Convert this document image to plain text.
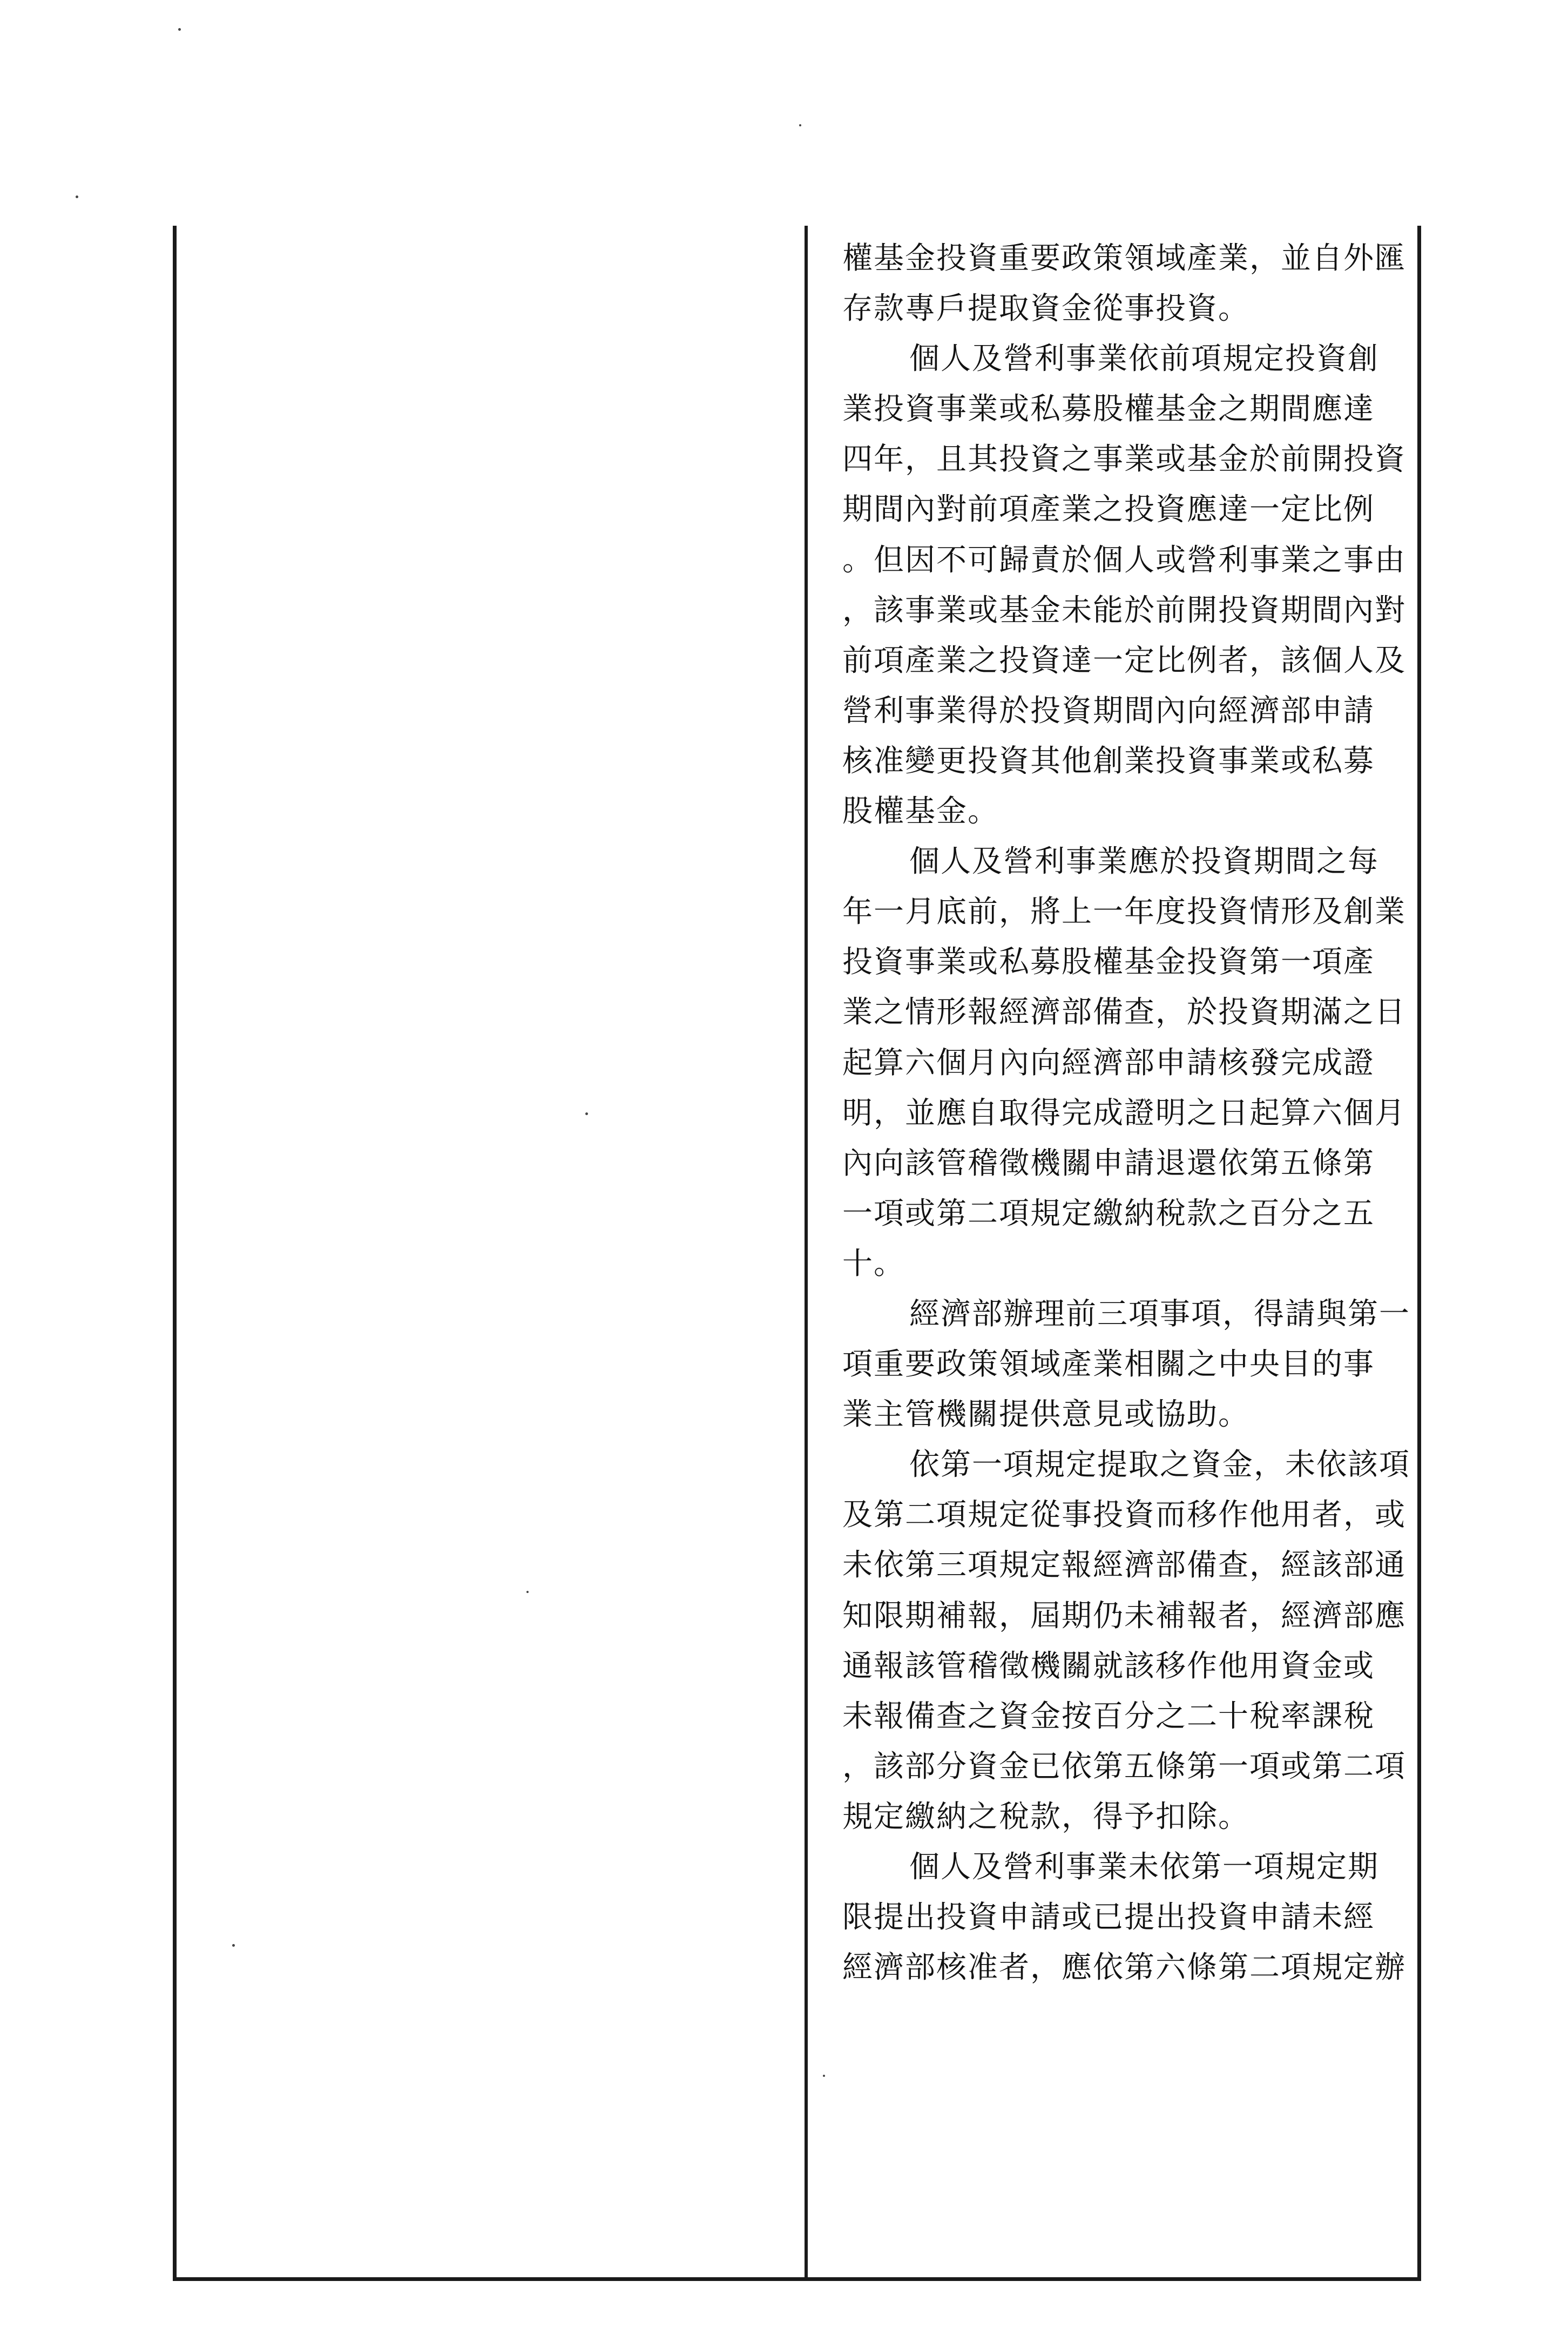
權基金投資重要政策領域產業，並自外匯
存款專戶提取資金從事投資。
個人及營利事業依前項規定投資創
業投資事業或私募股權基金之期間應達
四年，且其投資之事業或基金於前開投資
期間內對前項產業之投資應達一定比例
。但因不可歸責於個人或營利事業之事由
，該事業或基金未能於前開投資期間內對
前項產業之投資達一定比例者，該個人及
營利事業得於投資期間內向經濟部申請
核准變更投資其他創業投資事業或私募
股權基金。
個人及營利事業應於投資期間之每
年一月底前，將上一年度投資情形及創業
投資事業或私募股權基金投資第一項產
業之情形報經濟部備查，於投資期滿之日
起算六個月內向經濟部申請核發完成證
明，並應自取得完成證明之日起算六個月
內向該管稽徵機關申請退還依第五條第
一項或第二項規定繳納稅款之百分之五
十。
經濟部辦理前三項事項，得請與第一
項重要政策領域產業相關之中央目的事
業主管機關提供意見或協助。
依第一項規定提取之資金，未依該項
及第二項規定從事投資而移作他用者，或
未依第三項規定報經濟部備查，經該部通
知限期補報，屆期仍未補報者，經濟部應
通報該管稽徵機關就該移作他用資金或
未報備查之資金按百分之二十稅率課稅
，該部分資金已依第五條第一項或第二項
規定繳納之稅款，得予扣除。
個人及營利事業未依第一項規定期
限提出投資申請或已提出投資申請未經
經濟部核准者，應依第六條第二項規定辦
